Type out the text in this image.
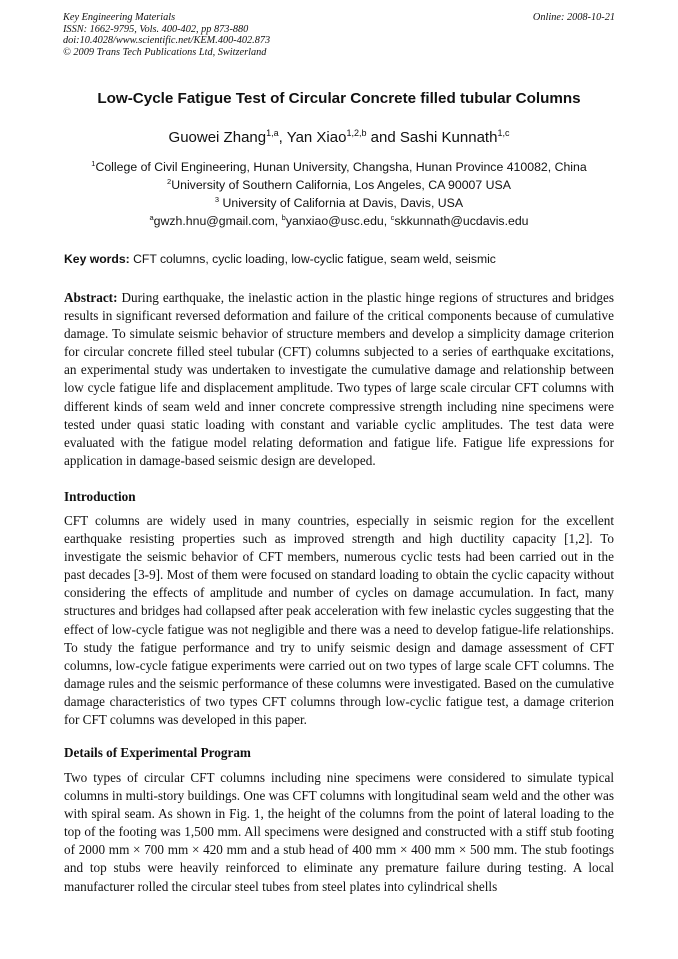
Key Engineering Materials
ISSN: 1662-9795, Vols. 400-402, pp 873-880
doi:10.4028/www.scientific.net/KEM.400-402.873
© 2009 Trans Tech Publications Ltd, Switzerland
Online: 2008-10-21
Low-Cycle Fatigue Test of Circular Concrete filled tubular Columns
Guowei Zhang$^{1,a}$, Yan Xiao$^{1,2,b}$ and Sashi Kunnath$^{1,c}$
$^1$College of Civil Engineering, Hunan University, Changsha, Hunan Province 410082, China
$^2$University of Southern California, Los Angeles, CA 90007 USA
$^3$ University of California at Davis, Davis, USA
$^a$gwzh.hnu@gmail.com, $^b$yanxiao@usc.edu, $^c$skkunnath@ucdavis.edu
Key words: CFT columns, cyclic loading, low-cyclic fatigue, seam weld, seismic
Abstract: During earthquake, the inelastic action in the plastic hinge regions of structures and bridges results in significant reversed deformation and failure of the critical components because of cumulative damage. To simulate seismic behavior of structure members and develop a simplicity damage criterion for circular concrete filled steel tubular (CFT) columns subjected to a series of earthquake excitations, an experimental study was undertaken to investigate the cumulative damage and relationship between low cycle fatigue life and displacement amplitude. Two types of large scale circular CFT columns with different kinds of seam weld and inner concrete compressive strength including nine specimens were tested under quasi static loading with constant and variable cyclic amplitudes. The test data were evaluated with the fatigue model relating deformation and fatigue life. Fatigue life expressions for application in damage-based seismic design are developed.
Introduction
CFT columns are widely used in many countries, especially in seismic region for the excellent earthquake resisting properties such as improved strength and high ductility capacity [1,2]. To investigate the seismic behavior of CFT members, numerous cyclic tests had been carried out in the past decades [3-9]. Most of them were focused on standard loading to obtain the cyclic capacity without considering the effects of amplitude and number of cycles on damage accumulation. In fact, many structures and bridges had collapsed after peak acceleration with few inelastic cycles suggesting that the effect of low-cycle fatigue was not negligible and there was a need to develop fatigue-life relationships. To study the fatigue performance and try to unify seismic design and damage assessment of CFT columns, low-cycle fatigue experiments were carried out on two types of large scale CFT columns. The damage rules and the seismic performance of these columns were investigated. Based on the cumulative damage characteristics of two types CFT columns through low-cyclic fatigue test, a damage criterion for CFT columns was developed in this paper.
Details of Experimental Program
Two types of circular CFT columns including nine specimens were considered to simulate typical columns in multi-story buildings. One was CFT columns with longitudinal seam weld and the other was with spiral seam. As shown in Fig. 1, the height of the columns from the point of lateral loading to the top of the footing was 1,500 mm. All specimens were designed and constructed with a stiff stub footing of 2000 mm × 700 mm × 420 mm and a stub head of 400 mm × 400 mm × 500 mm. The stub footings and top stubs were heavily reinforced to eliminate any premature failure during testing. A local manufacturer rolled the circular steel tubes from steel plates into cylindrical shells
